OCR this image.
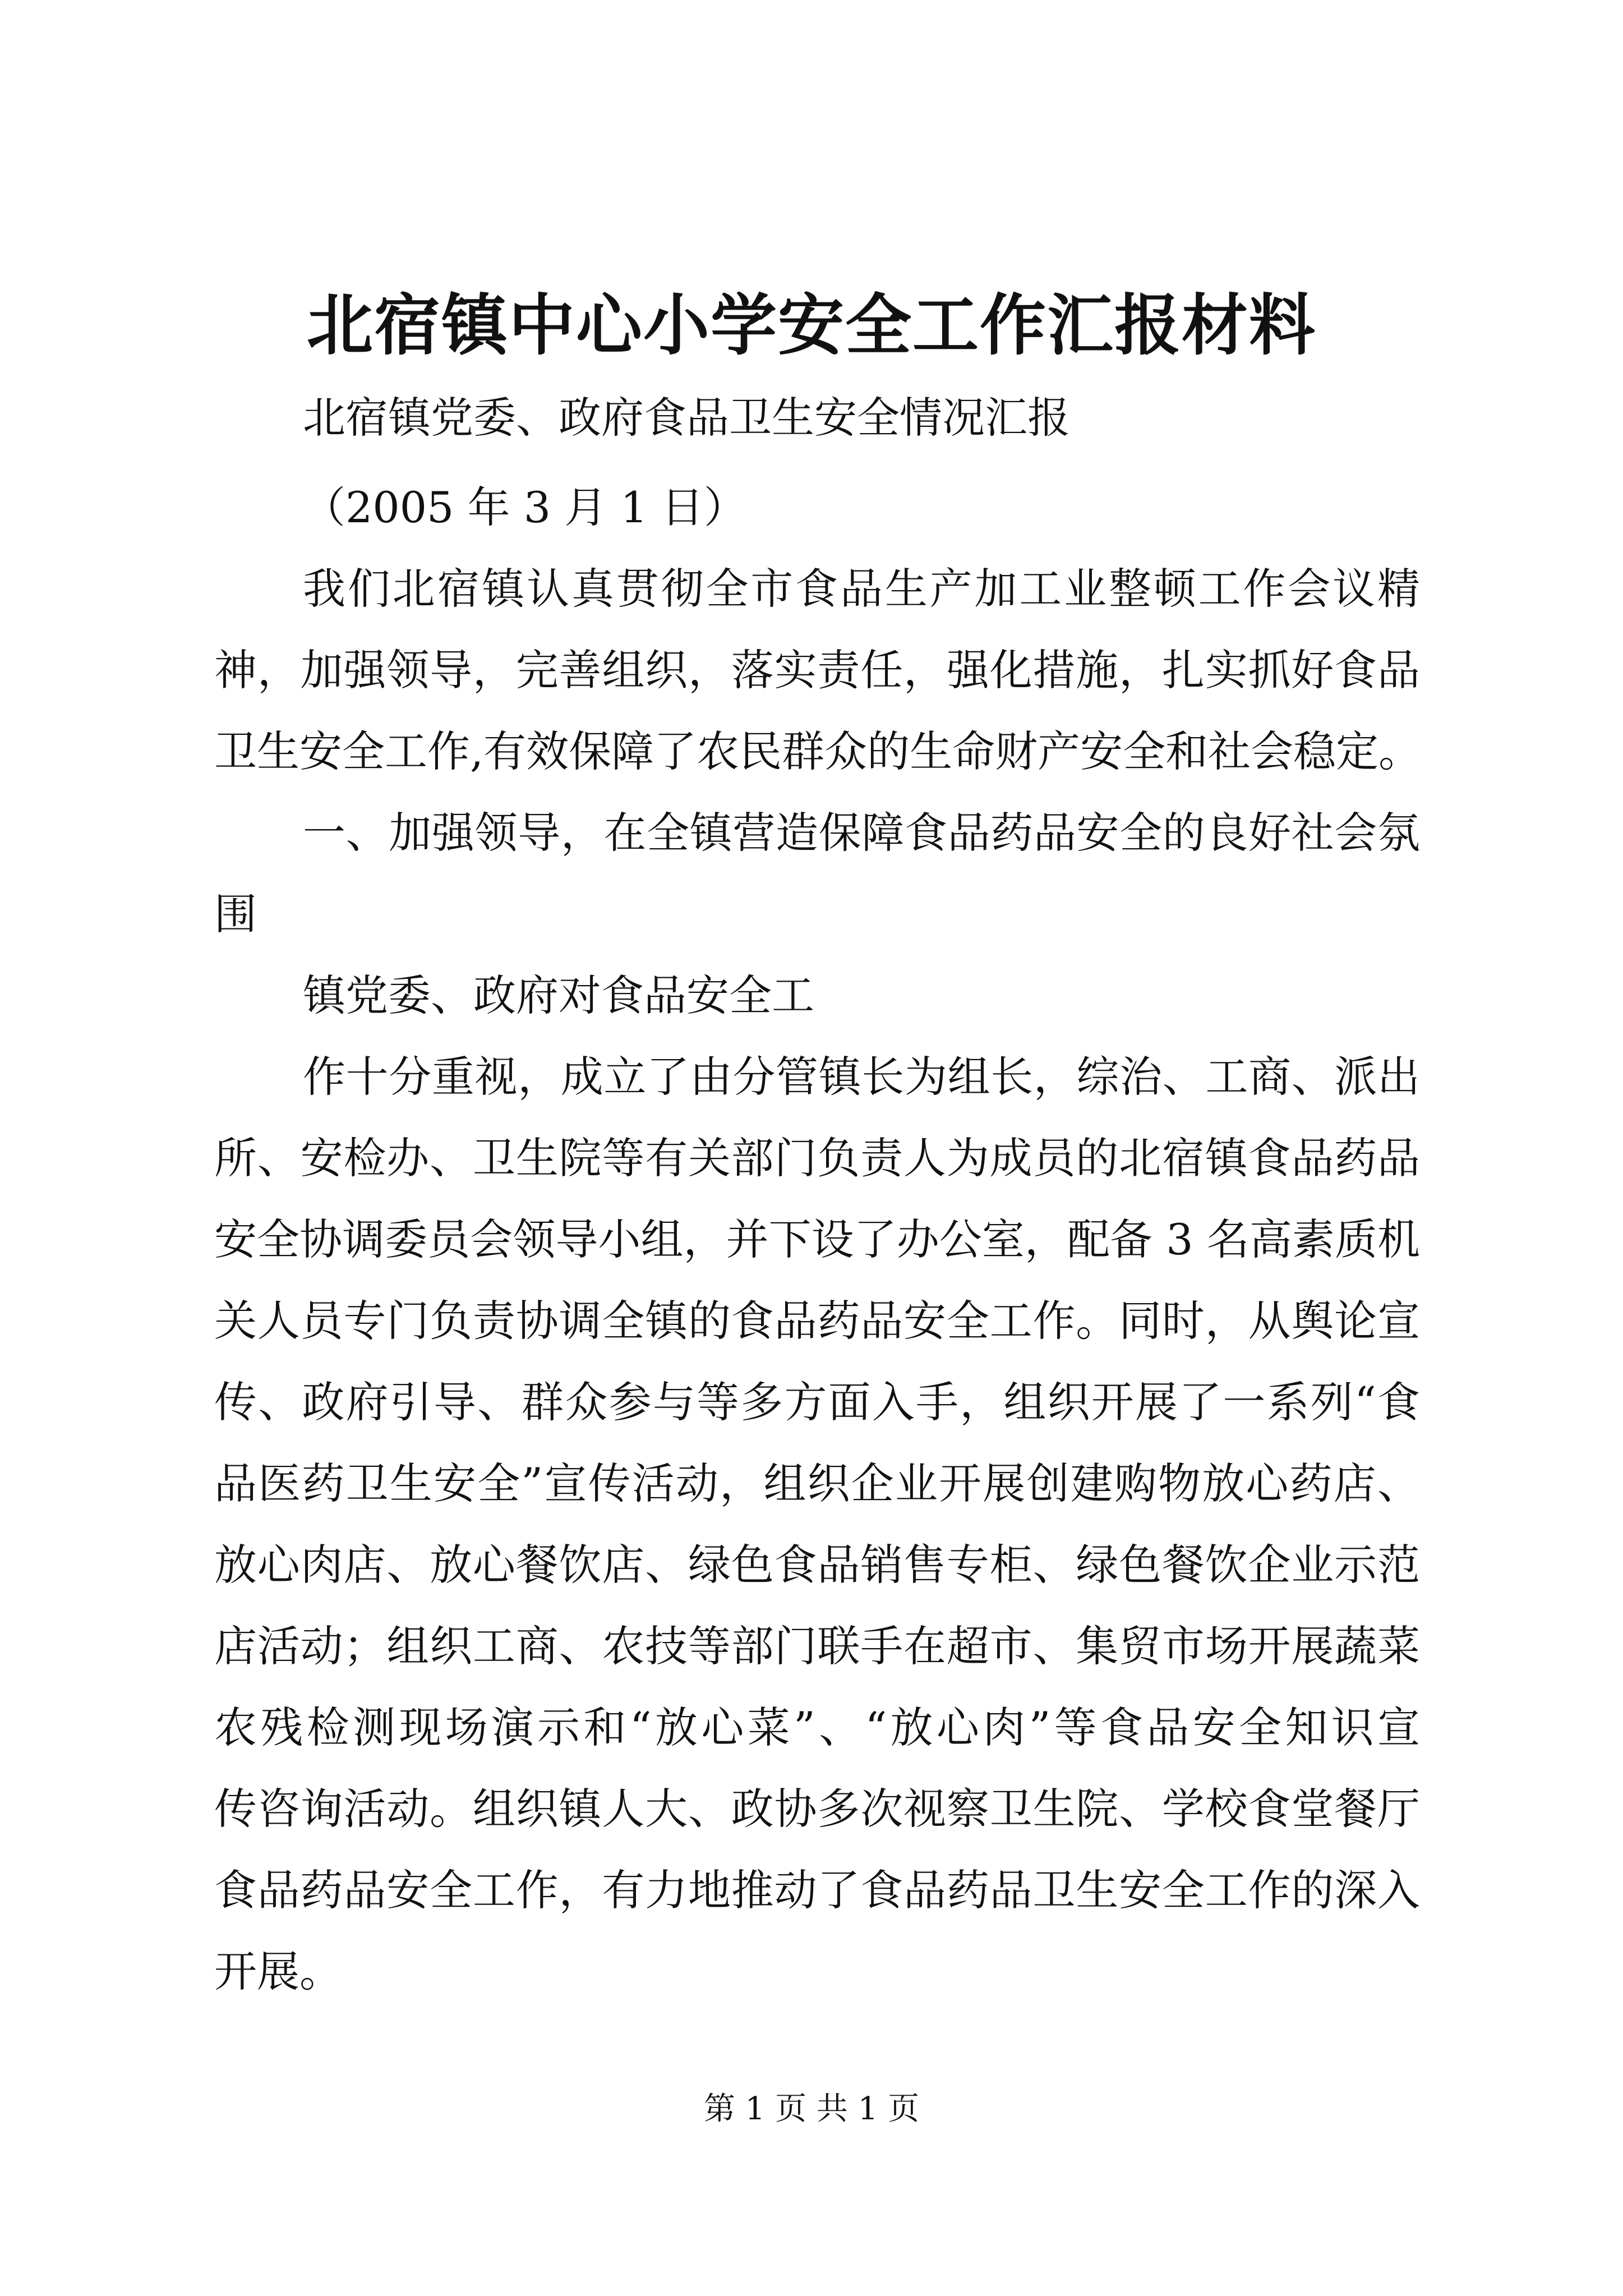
北宿镇中心小学安全工作汇报材料

北宿镇党委、政府食品卫生安全情况汇报

（2005 年 3 月 1 日）

我们北宿镇认真贯彻全市食品生产加工业整顿工作会议精

神，加强领导，完善组织，落实责任，强化措施，扎实抓好食品

卫生安全工作,有效保障了农民群众的生命财产安全和社会稳定。

一、加强领导，在全镇营造保障食品药品安全的良好社会氛

围

镇党委、政府对食品安全工

作十分重视，成立了由分管镇长为组长，综治、工商、派出

所、安检办、卫生院等有关部门负责人为成员的北宿镇食品药品

安全协调委员会领导小组，并下设了办公室，配备 3 名高素质机

关人员专门负责协调全镇的食品药品安全工作。同时，从舆论宣

传、政府引导、群众参与等多方面入手，组织开展了一系列“食

品医药卫生安全”宣传活动，组织企业开展创建购物放心药店、

放心肉店、放心餐饮店、绿色食品销售专柜、绿色餐饮企业示范

店活动；组织工商、农技等部门联手在超市、集贸市场开展蔬菜

农残检测现场演示和“放心菜”、“放心肉”等食品安全知识宣

传咨询活动。组织镇人大、政协多次视察卫生院、学校食堂餐厅

食品药品安全工作，有力地推动了食品药品卫生安全工作的深入

开展。

第 1 页 共 1 页
